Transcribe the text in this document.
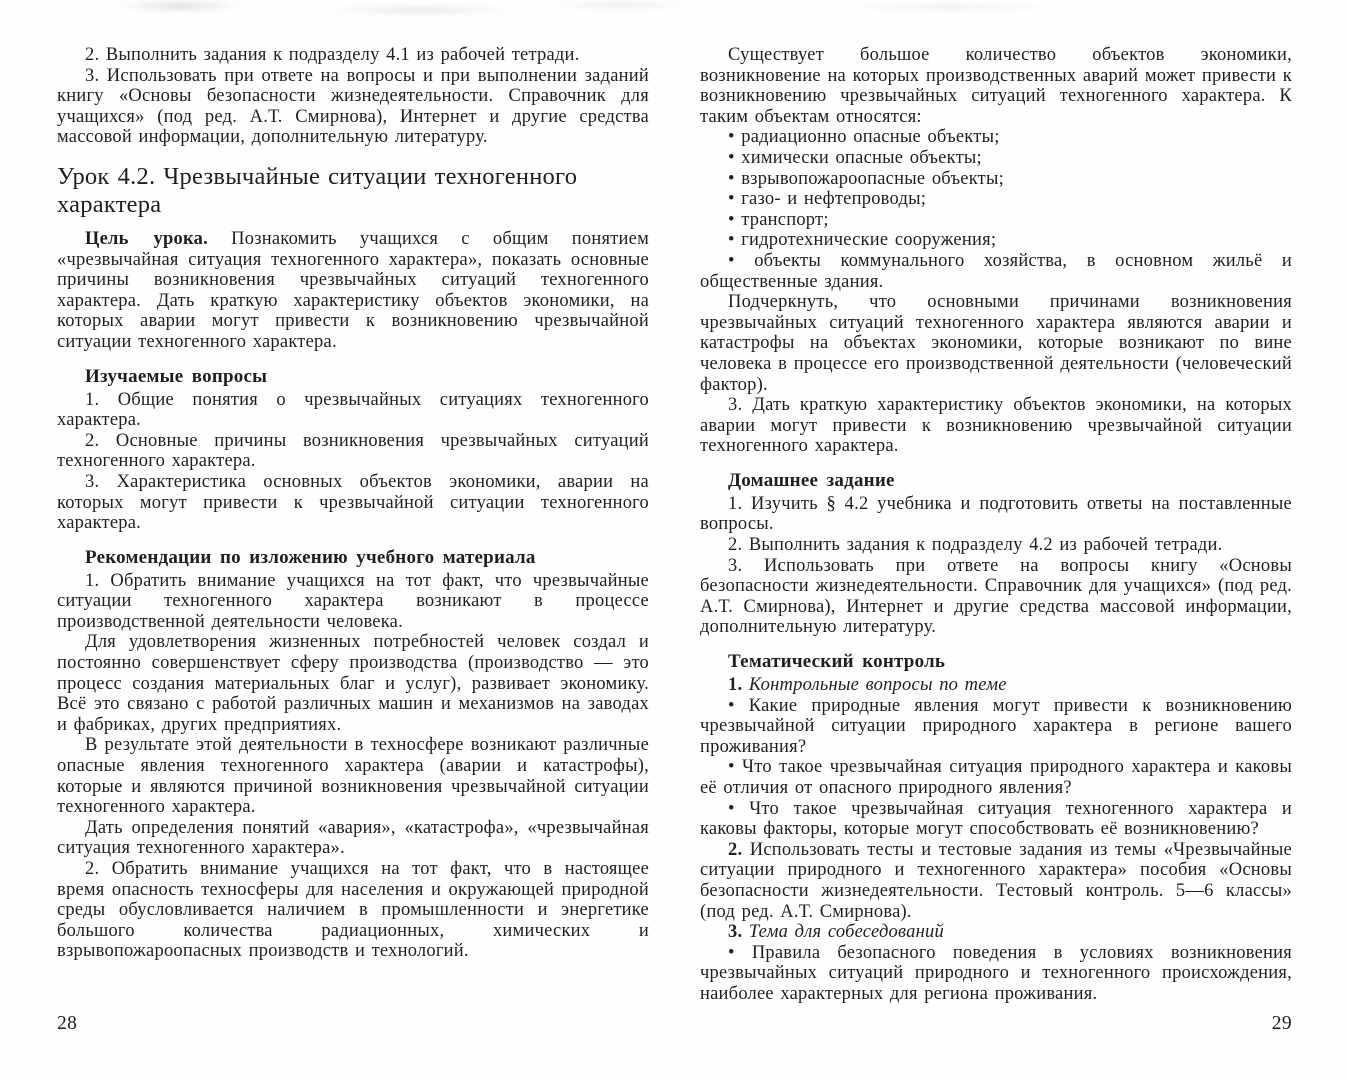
2. Выполнить задания к подразделу 4.1 из рабочей тетради.

3. Использовать при ответе на вопросы и при выполнении заданий книгу «Основы безопасности жизнедеятельности. Справочник для учащихся» (под ред. А.Т. Смирнова), Интернет и другие средства массовой информации, дополнительную литературу.

Урок 4.2. Чрезвычайные ситуации техногенного характера

Цель урока. Познакомить учащихся с общим понятием «чрезвычайная ситуация техногенного характера», показать основные причины возникновения чрезвычайных ситуаций техногенного характера. Дать краткую характеристику объектов экономики, на которых аварии могут привести к возникновению чрезвычайной ситуации техногенного характера.

Изучаемые вопросы

1. Общие понятия о чрезвычайных ситуациях техногенного характера.

2. Основные причины возникновения чрезвычайных ситуаций техногенного характера.

3. Характеристика основных объектов экономики, аварии на которых могут привести к чрезвычайной ситуации техногенного характера.

Рекомендации по изложению учебного материала

1. Обратить внимание учащихся на тот факт, что чрезвычайные ситуации техногенного характера возникают в процессе производственной деятельности человека.

Для удовлетворения жизненных потребностей человек создал и постоянно совершенствует сферу производства (производство — это процесс создания материальных благ и услуг), развивает экономику. Всё это связано с работой различных машин и механизмов на заводах и фабриках, других предприятиях.

В результате этой деятельности в техносфере возникают различные опасные явления техногенного характера (аварии и катастрофы), которые и являются причиной возникновения чрезвычайной ситуации техногенного характера.

Дать определения понятий «авария», «катастрофа», «чрезвычайная ситуация техногенного характера».

2. Обратить внимание учащихся на тот факт, что в настоящее время опасность техносферы для населения и окружающей природной среды обусловливается наличием в промышленности и энергетике большого количества радиационных, химических и взрывопожароопасных производств и технологий.

Существует большое количество объектов экономики, возникновение на которых производственных аварий может привести к возникновению чрезвычайных ситуаций техногенного характера. К таким объектам относятся:

• радиационно опасные объекты;

• химически опасные объекты;

• взрывопожароопасные объекты;

• газо- и нефтепроводы;

• транспорт;

• гидротехнические сооружения;

• объекты коммунального хозяйства, в основном жильё и общественные здания.

Подчеркнуть, что основными причинами возникновения чрезвычайных ситуаций техногенного характера являются аварии и катастрофы на объектах экономики, которые возникают по вине человека в процессе его производственной деятельности (человеческий фактор).

3. Дать краткую характеристику объектов экономики, на которых аварии могут привести к возникновению чрезвычайной ситуации техногенного характера.

Домашнее задание

1. Изучить § 4.2 учебника и подготовить ответы на поставленные вопросы.

2. Выполнить задания к подразделу 4.2 из рабочей тетради.

3. Использовать при ответе на вопросы книгу «Основы безопасности жизнедеятельности. Справочник для учащихся» (под ред. А.Т. Смирнова), Интернет и другие средства массовой информации, дополнительную литературу.

Тематический контроль

1. Контрольные вопросы по теме

• Какие природные явления могут привести к возникновению чрезвычайной ситуации природного характера в регионе вашего проживания?

• Что такое чрезвычайная ситуация природного характера и каковы её отличия от опасного природного явления?

• Что такое чрезвычайная ситуация техногенного характера и каковы факторы, которые могут способствовать её возникновению?

2. Использовать тесты и тестовые задания из темы «Чрезвычайные ситуации природного и техногенного характера» пособия «Основы безопасности жизнедеятельности. Тестовый контроль. 5—6 классы» (под ред. А.Т. Смирнова).

3. Тема для собеседований

• Правила безопасного поведения в условиях возникновения чрезвычайных ситуаций природного и техногенного происхождения, наиболее характерных для региона проживания.

28	29
